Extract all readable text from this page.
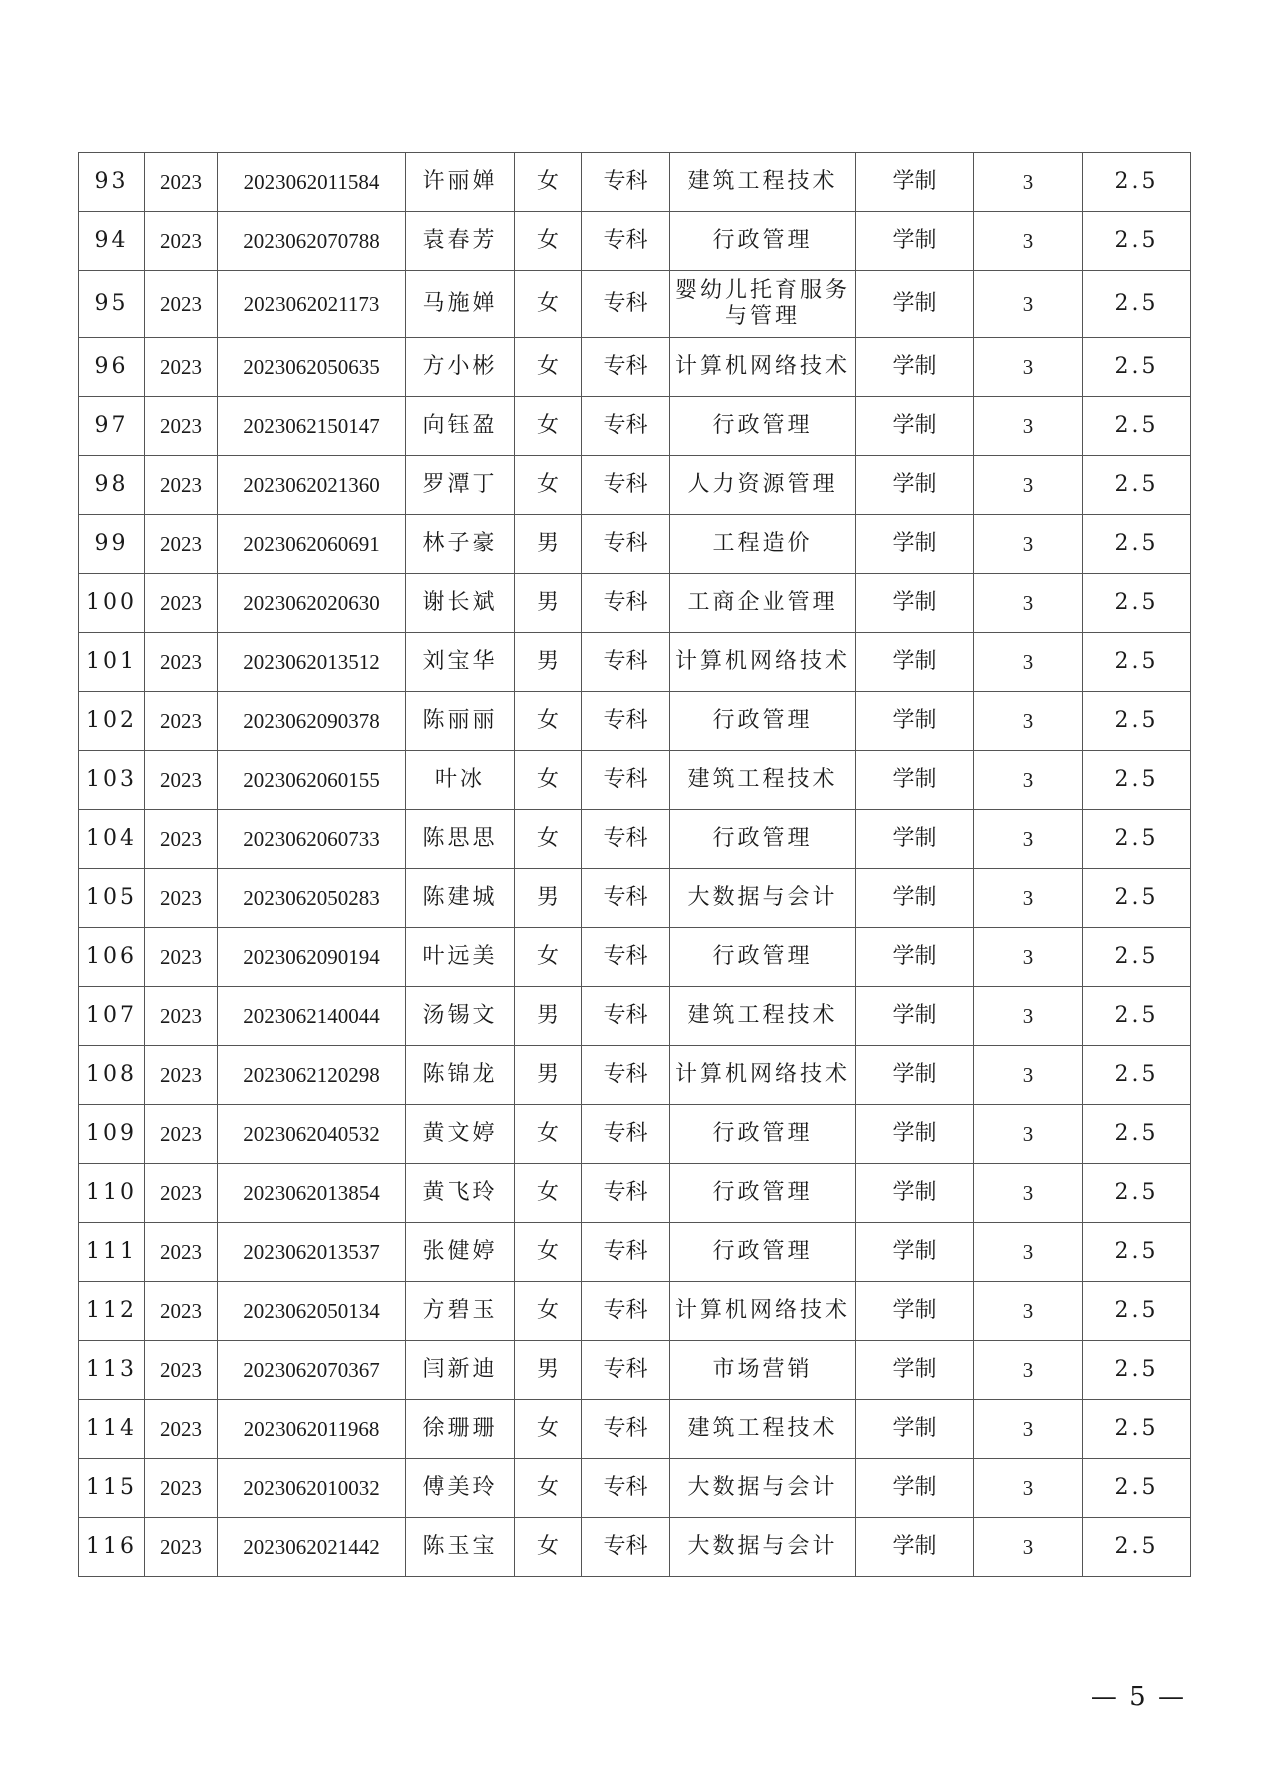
93	2023	2023062011584	许丽婵	女	专科	建筑工程技术	学制	3	2.5
94	2023	2023062070788	袁春芳	女	专科	行政管理	学制	3	2.5
95	2023	2023062021173	马施婵	女	专科	婴幼儿托育服务与管理	学制	3	2.5
96	2023	2023062050635	方小彬	女	专科	计算机网络技术	学制	3	2.5
97	2023	2023062150147	向钰盈	女	专科	行政管理	学制	3	2.5
98	2023	2023062021360	罗潭丁	女	专科	人力资源管理	学制	3	2.5
99	2023	2023062060691	林子豪	男	专科	工程造价	学制	3	2.5
100	2023	2023062020630	谢长斌	男	专科	工商企业管理	学制	3	2.5
101	2023	2023062013512	刘宝华	男	专科	计算机网络技术	学制	3	2.5
102	2023	2023062090378	陈丽丽	女	专科	行政管理	学制	3	2.5
103	2023	2023062060155	叶冰	女	专科	建筑工程技术	学制	3	2.5
104	2023	2023062060733	陈思思	女	专科	行政管理	学制	3	2.5
105	2023	2023062050283	陈建城	男	专科	大数据与会计	学制	3	2.5
106	2023	2023062090194	叶远美	女	专科	行政管理	学制	3	2.5
107	2023	2023062140044	汤锡文	男	专科	建筑工程技术	学制	3	2.5
108	2023	2023062120298	陈锦龙	男	专科	计算机网络技术	学制	3	2.5
109	2023	2023062040532	黄文婷	女	专科	行政管理	学制	3	2.5
110	2023	2023062013854	黄飞玲	女	专科	行政管理	学制	3	2.5
111	2023	2023062013537	张健婷	女	专科	行政管理	学制	3	2.5
112	2023	2023062050134	方碧玉	女	专科	计算机网络技术	学制	3	2.5
113	2023	2023062070367	闫新迪	男	专科	市场营销	学制	3	2.5
114	2023	2023062011968	徐珊珊	女	专科	建筑工程技术	学制	3	2.5
115	2023	2023062010032	傅美玲	女	专科	大数据与会计	学制	3	2.5
116	2023	2023062021442	陈玉宝	女	专科	大数据与会计	学制	3	2.5
— 5 —
